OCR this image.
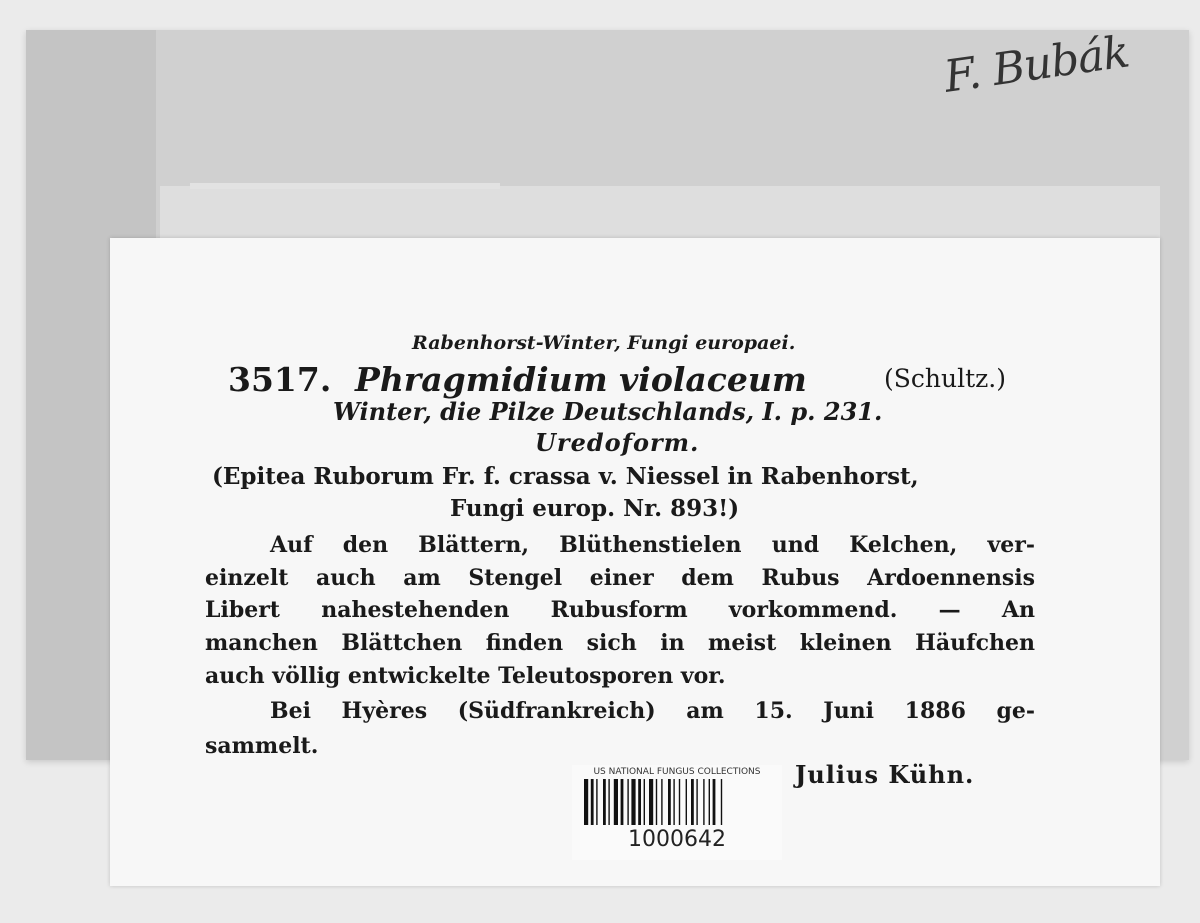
F. Bubák
Rabenhorst-Winter, Fungi europaei.
3517. Phragmidium violaceum	(Schultz.)
Winter, die Pilze Deutschlands, I. p. 231.
Uredoform.
(Epitea Ruborum Fr. f. crassa v. Niessel in Rabenhorst,
Fungi europ. Nr. 893!)
Auf den Blättern, Blüthenstielen und Kelchen, ver-
einzelt auch am Stengel einer dem Rubus Ardoennensis
Libert nahestehenden Rubusform vorkommend. — An
manchen Blättchen finden sich in meist kleinen Häufchen
auch völlig entwickelte Teleutosporen vor.
Bei Hyères (Südfrankreich) am 15. Juni 1886 ge-
sammelt.
US NATIONAL FUNGUS COLLECTIONS
1000642
Julius Kühn.
